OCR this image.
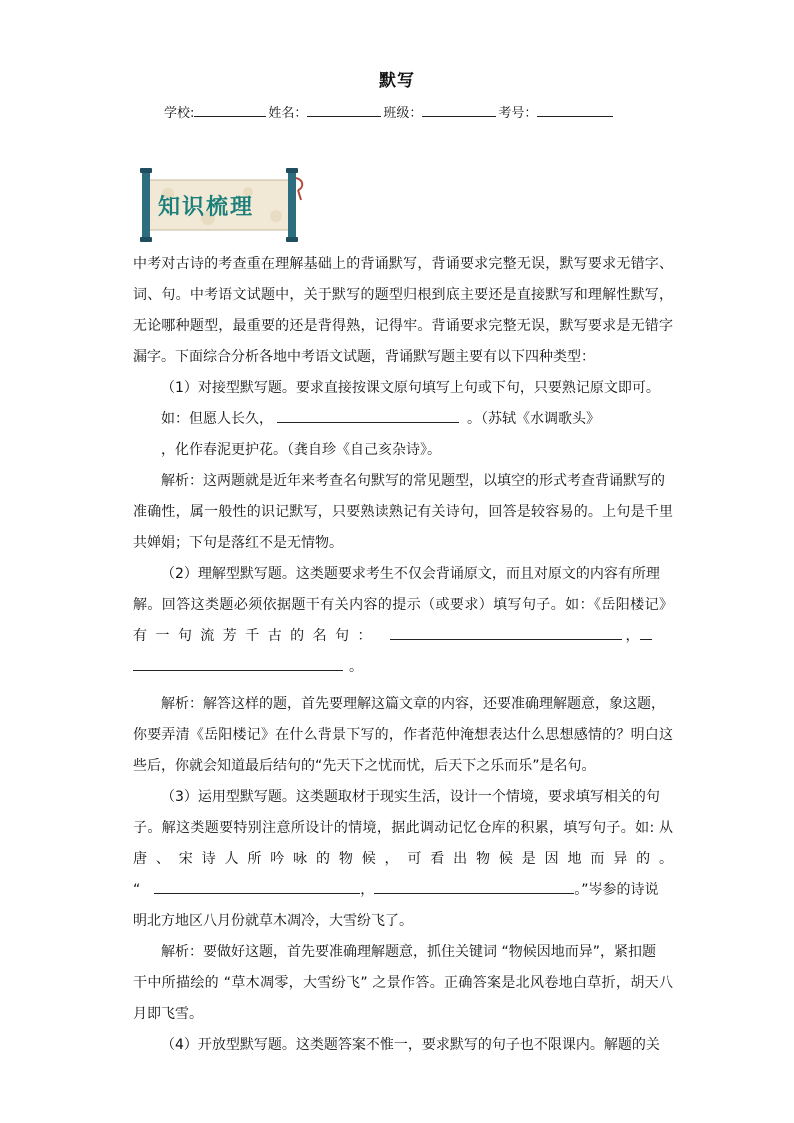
默写
学校:	姓名：	班级：	考号：
知识梳理
中考对古诗的考查重在理解基础上的背诵默写，背诵要求完整无误，默写要求无错字、
词、句。中考语文试题中，关于默写的题型归根到底主要还是直接默写和理解性默写，
无论哪种题型，最重要的还是背得熟，记得牢。背诵要求完整无误，默写要求是无错字
漏字。下面综合分析各地中考语文试题，背诵默写题主要有以下四种类型：
（1）对接型默写题。要求直接按课文原句填写上句或下句，只要熟记原文即可。
如：但愿人长久，	。（苏轼《水调歌头》
，化作春泥更护花。（龚自珍《自己亥杂诗》。
解析：这两题就是近年来考查名句默写的常见题型，以填空的形式考查背诵默写的
准确性，属一般性的识记默写，只要熟读熟记有关诗句，回答是较容易的。上句是千里
共婵娟；下句是落红不是无情物。
（2）理解型默写题。这类题要求考生不仅会背诵原文，而且对原文的内容有所理
解。回答这类题必须依据题干有关内容的提示（或要求）填写句子。如：《岳阳楼记》
有 一 句 流 芳 千 古 的 名 句 ：	，
。
解析：解答这样的题，首先要理解这篇文章的内容，还要准确理解题意，象这题，
你要弄清《岳阳楼记》在什么背景下写的，作者范仲淹想表达什么思想感情的？明白这
些后，你就会知道最后结句的“先天下之忧而忧，后天下之乐而乐”是名句。
（3）运用型默写题。这类题取材于现实生活，设计一个情境，要求填写相关的句
子。解这类题要特别注意所设计的情境，据此调动记忆仓库的积累，填写句子。如: 从
唐 、 宋 诗 人 所 吟 咏 的 物 候 ， 可 看 出 物 候 是 因 地 而 异 的 。
“	，	。”岑参的诗说
明北方地区八月份就草木凋冷，大雪纷飞了。
解析：要做好这题，首先要准确理解题意，抓住关键词 “物候因地而异”，紧扣题
干中所描绘的 “草木凋零，大雪纷飞” 之景作答。正确答案是北风卷地白草折，胡天八
月即飞雪。
（4）开放型默写题。这类题答案不惟一，要求默写的句子也不限课内。解题的关
